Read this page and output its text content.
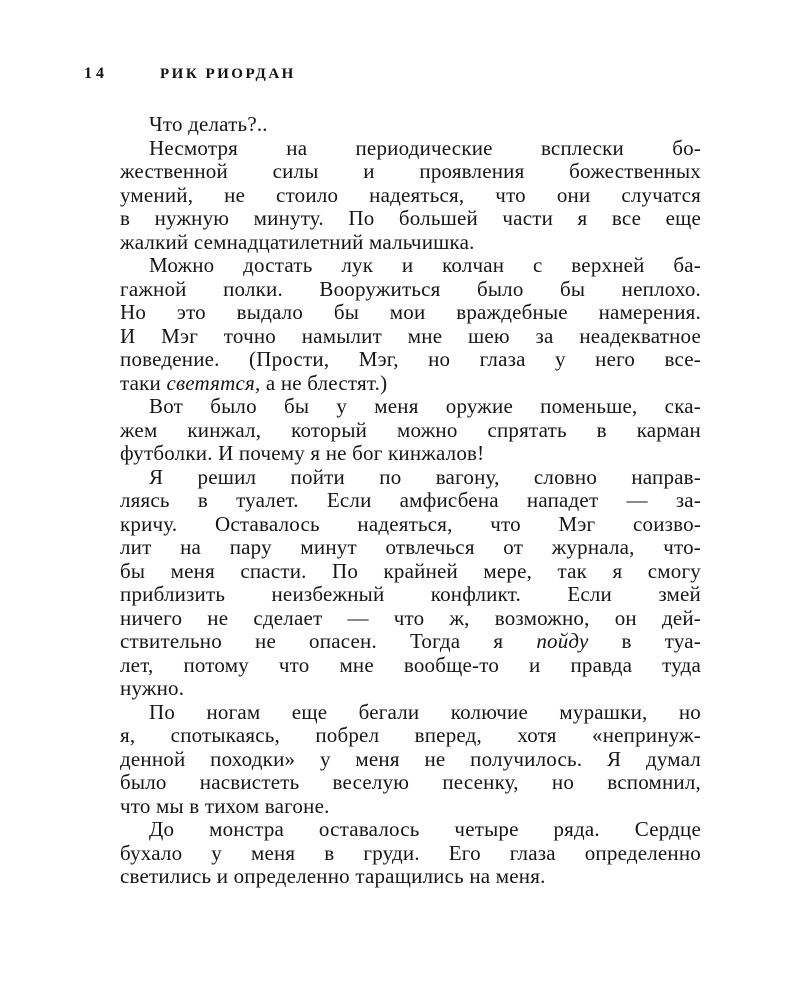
14	РИК РИОРДАН
Что делать?..
Несмотря на периодические всплески бо-
жественной силы и проявления божественных
умений, не стоило надеяться, что они случатся
в нужную минуту. По большей части я все еще
жалкий семнадцатилетний мальчишка.
Можно достать лук и колчан с верхней ба-
гажной полки. Вооружиться было бы неплохо.
Но это выдало бы мои враждебные намерения.
И Мэг точно намылит мне шею за неадекватное
поведение. (Прости, Мэг, но глаза у него все-
таки светятся, а не блестят.)
Вот было бы у меня оружие поменьше, ска-
жем кинжал, который можно спрятать в карман
футболки. И почему я не бог кинжалов!
Я решил пойти по вагону, словно направ-
ляясь в туалет. Если амфисбена нападет — за-
кричу. Оставалось надеяться, что Мэг соизво-
лит на пару минут отвлечься от журнала, что-
бы меня спасти. По крайней мере, так я смогу
приблизить неизбежный конфликт. Если змей
ничего не сделает — что ж, возможно, он дей-
ствительно не опасен. Тогда я пойду в туа-
лет, потому что мне вообще-то и правда туда
нужно.
По ногам еще бегали колючие мурашки, но
я, спотыкаясь, побрел вперед, хотя «непринуж-
денной походки» у меня не получилось. Я думал
было насвистеть веселую песенку, но вспомнил,
что мы в тихом вагоне.
До монстра оставалось четыре ряда. Сердце
бухало у меня в груди. Его глаза определенно
светились и определенно таращились на меня.
